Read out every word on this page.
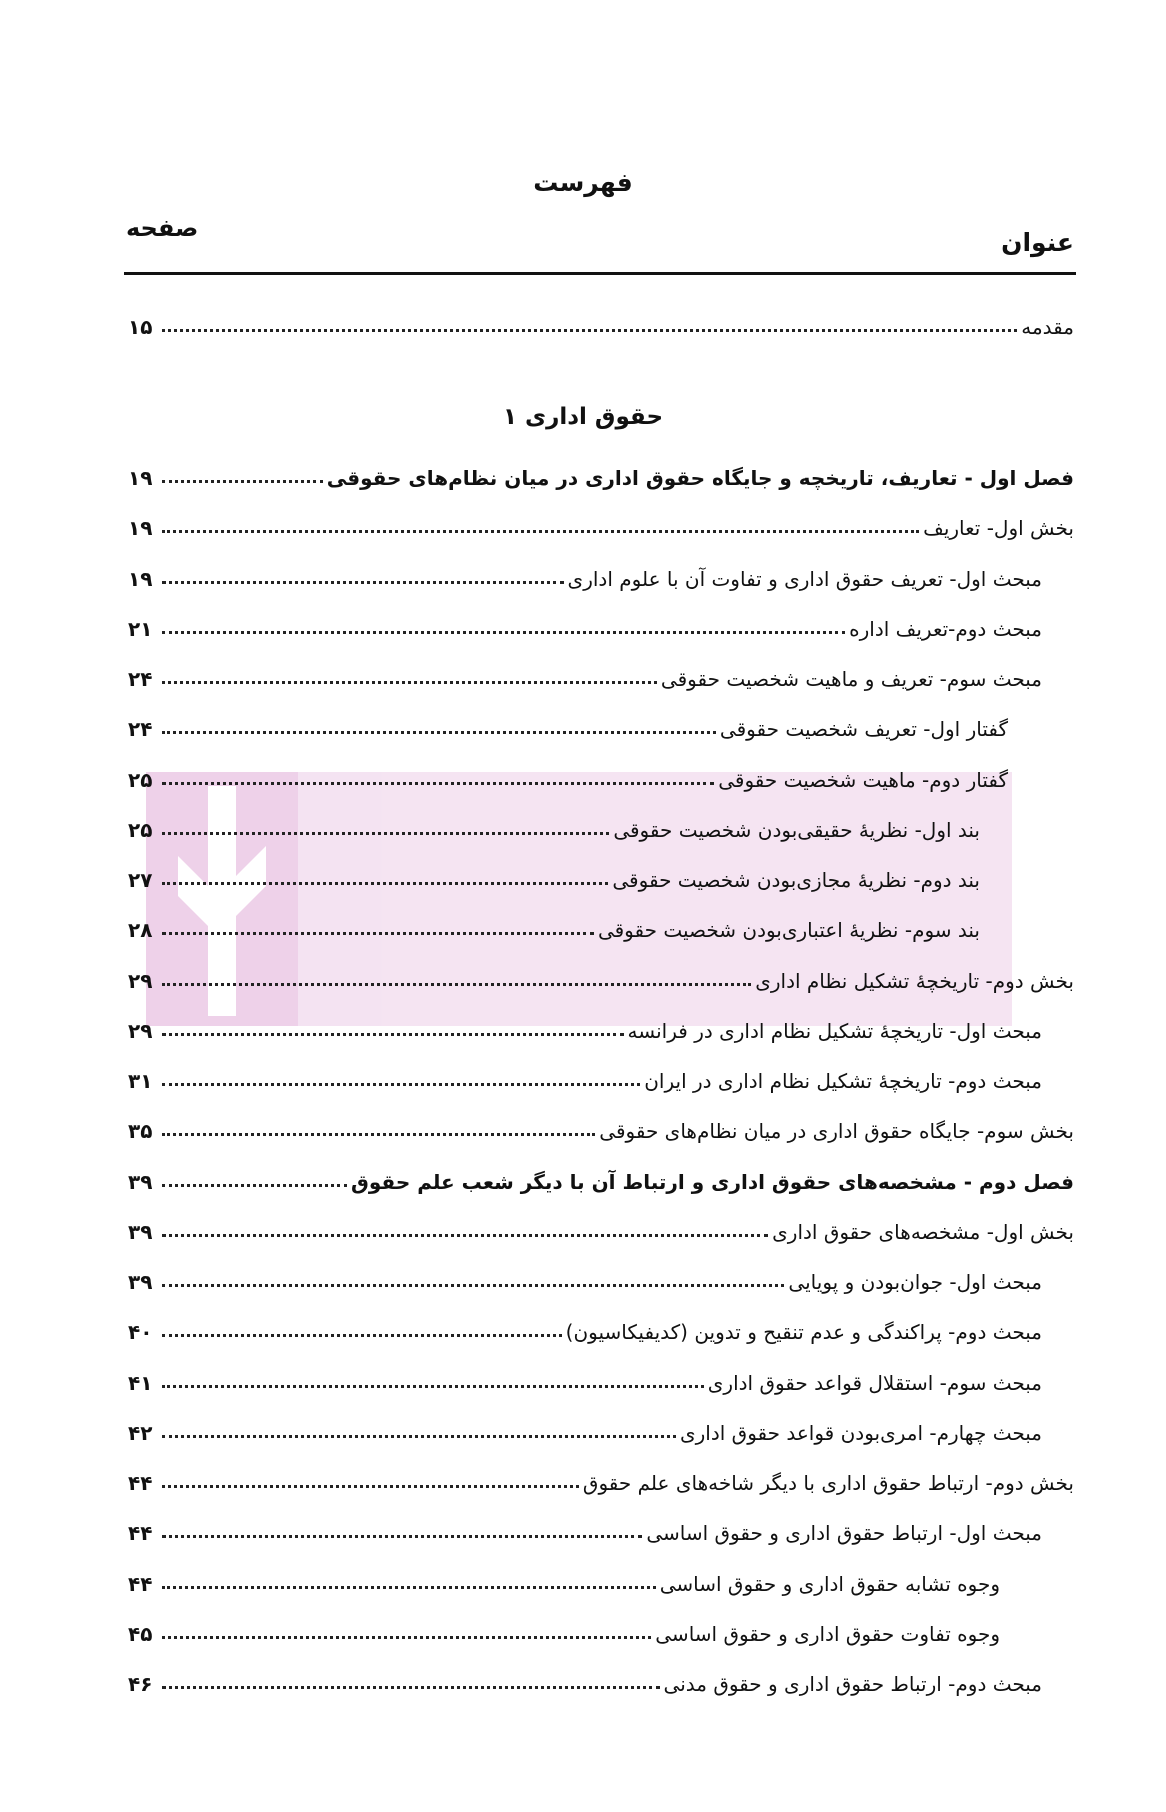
فهرست
صفحه	عنوان
مقدمه
۱۵
حقوق اداری ۱
فصل اول - تعاریف، تاریخچه و جایگاه حقوق اداری در میان نظام‌های حقوقی
۱۹
بخش اول- تعاریف
۱۹
مبحث اول- تعریف حقوق اداری و تفاوت آن با علوم اداری
۱۹
مبحث دوم-تعریف اداره
۲۱
مبحث سوم- تعریف و ماهیت شخصیت حقوقی
۲۴
گفتار اول- تعریف شخصیت حقوقی
۲۴
گفتار دوم- ماهیت شخصیت حقوقی
۲۵
بند اول- نظریهٔ حقیقی‌بودن شخصیت حقوقی
۲۵
بند دوم- نظریهٔ مجازی‌بودن شخصیت حقوقی
۲۷
بند سوم- نظریهٔ اعتباری‌بودن شخصیت حقوقی
۲۸
بخش دوم- تاریخچهٔ تشکیل نظام اداری
۲۹
مبحث اول- تاریخچهٔ تشکیل نظام اداری در فرانسه
۲۹
مبحث دوم- تاریخچهٔ تشکیل نظام اداری در ایران
۳۱
بخش سوم- جایگاه حقوق اداری در میان نظام‌های حقوقی
۳۵
فصل دوم - مشخصه‌های حقوق اداری و ارتباط آن با دیگر شعب علم حقوق
۳۹
بخش اول- مشخصه‌های حقوق اداری
۳۹
مبحث اول- جوان‌بودن و پویایی
۳۹
مبحث دوم- پراکندگی و عدم تنقیح و تدوین (کدیفیکاسیون)
۴۰
مبحث سوم- استقلال قواعد حقوق اداری
۴۱
مبحث چهارم- امری‌بودن قواعد حقوق اداری
۴۲
بخش دوم- ارتباط حقوق اداری با دیگر شاخه‌های علم حقوق
۴۴
مبحث اول- ارتباط حقوق اداری و حقوق اساسی
۴۴
وجوه تشابه حقوق اداری و حقوق اساسی
۴۴
وجوه تفاوت حقوق اداری و حقوق اساسی
۴۵
مبحث دوم- ارتباط حقوق اداری و حقوق مدنی
۴۶
